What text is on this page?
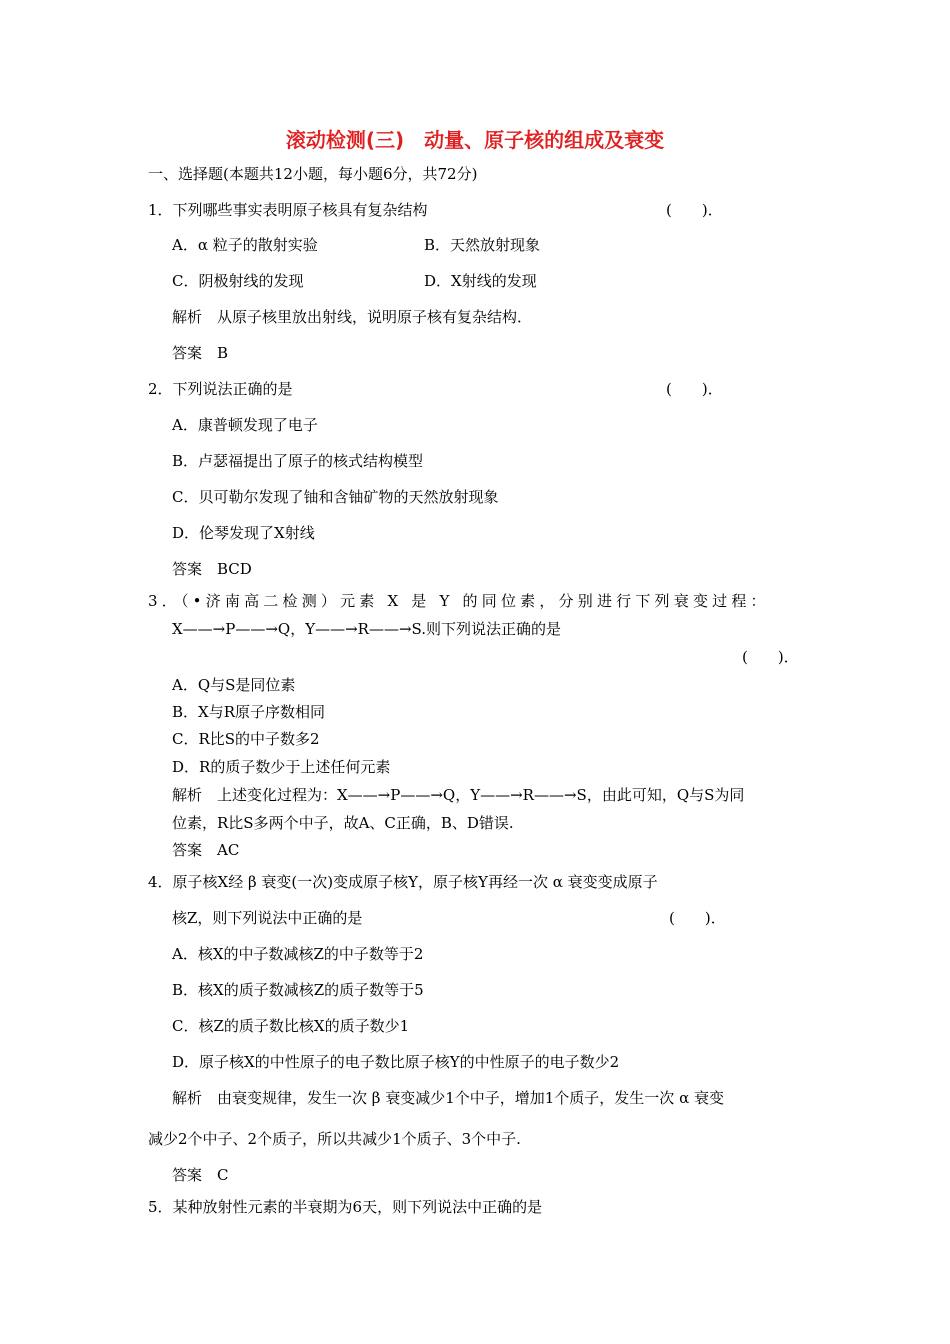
滚动检测(三)　动量、原子核的组成及衰变
一、选择题(本题共12小题，每小题6分，共72分)
1．下列哪些事实表明原子核具有复杂结构	(　　)．
A．α 粒子的散射实验	B．天然放射现象
C．阴极射线的发现	D．X射线的发现
解析　从原子核里放出射线，说明原子核有复杂结构．
答案　B
2．下列说法正确的是	(　　)．
A．康普顿发现了电子
B．卢瑟福提出了原子的核式结构模型
C．贝可勒尔发现了铀和含铀矿物的天然放射现象
D．伦琴发现了X射线
答案　BCD
3．（•济南高二检测）元素 X 是 Y 的同位素，分别进行下列衰变过程：
X——→P——→Q，Y——→R——→S.则下列说法正确的是
(　　)．
A．Q与S是同位素
B．X与R原子序数相同
C．R比S的中子数多2
D．R的质子数少于上述任何元素
解析　上述变化过程为：X——→P——→Q，Y——→R——→S，由此可知，Q与S为同
位素，R比S多两个中子，故A、C正确，B、D错误.
答案　AC
4．原子核X经 β 衰变(一次)变成原子核Y，原子核Y再经一次 α 衰变变成原子
核Z，则下列说法中正确的是	(　　)．
A．核X的中子数减核Z的中子数等于2
B．核X的质子数减核Z的质子数等于5
C．核Z的质子数比核X的质子数少1
D．原子核X的中性原子的电子数比原子核Y的中性原子的电子数少2
解析　由衰变规律，发生一次 β 衰变减少1个中子，增加1个质子，发生一次 α 衰变
减少2个中子、2个质子，所以共减少1个质子、3个中子.
答案　C
5．某种放射性元素的半衰期为6天，则下列说法中正确的是
